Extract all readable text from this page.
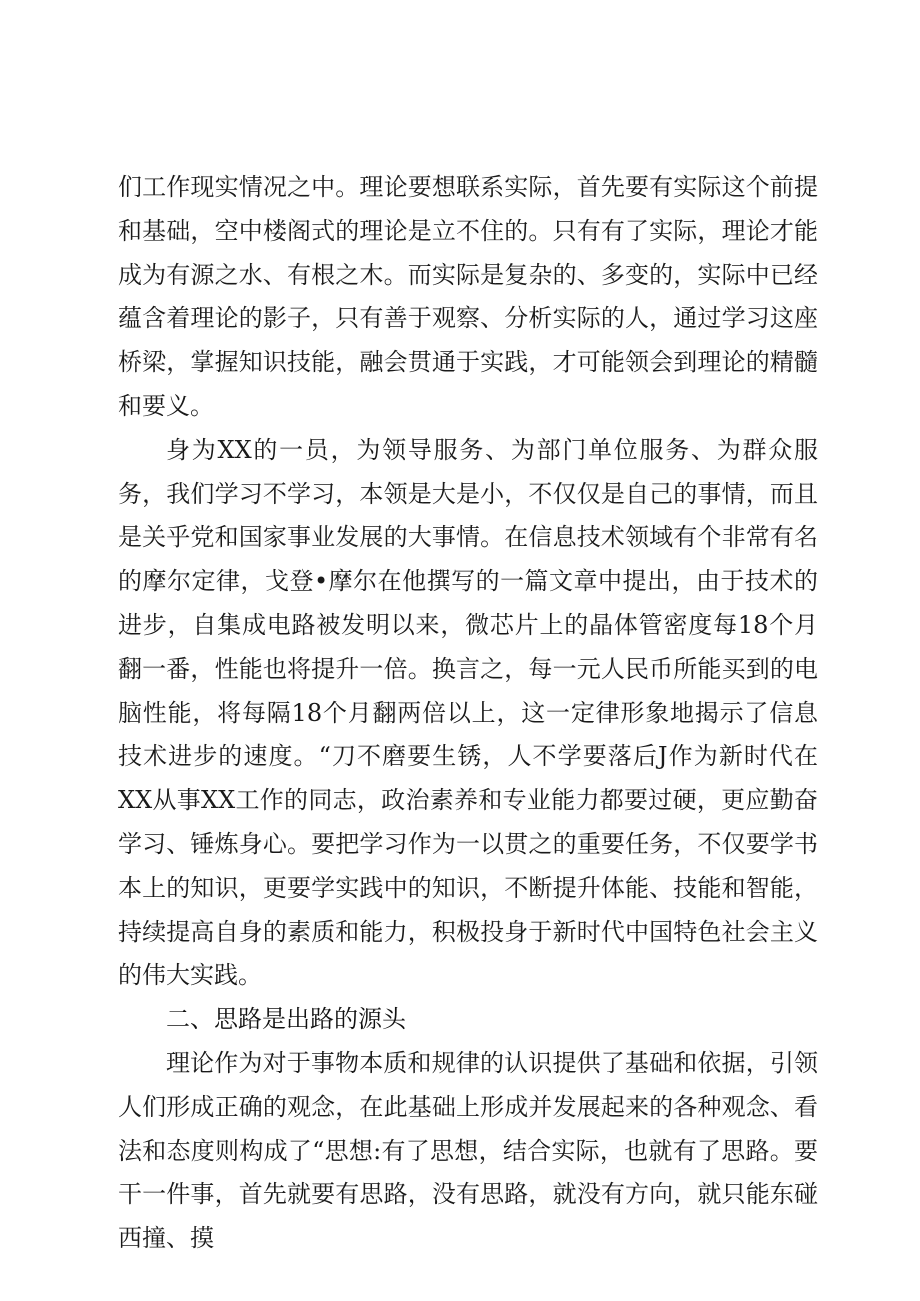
们工作现实情况之中。理论要想联系实际，首先要有实际这个前提和基础，空中楼阁式的理论是立不住的。只有有了实际，理论才能成为有源之水、有根之木。而实际是复杂的、多变的，实际中已经蕴含着理论的影子，只有善于观察、分析实际的人，通过学习这座桥梁，掌握知识技能，融会贯通于实践，才可能领会到理论的精髓和要义。

身为XX的一员，为领导服务、为部门单位服务、为群众服务，我们学习不学习，本领是大是小，不仅仅是自己的事情，而且是关乎党和国家事业发展的大事情。在信息技术领域有个非常有名的摩尔定律，戈登•摩尔在他撰写的一篇文章中提出，由于技术的进步，自集成电路被发明以来，微芯片上的晶体管密度每18个月翻一番，性能也将提升一倍。换言之，每一元人民币所能买到的电脑性能，将每隔18个月翻两倍以上，这一定律形象地揭示了信息技术进步的速度。“刀不磨要生锈，人不学要落后J作为新时代在XX从事XX工作的同志，政治素养和专业能力都要过硬，更应勤奋学习、锤炼身心。要把学习作为一以贯之的重要任务，不仅要学书本上的知识，更要学实践中的知识，不断提升体能、技能和智能，持续提高自身的素质和能力，积极投身于新时代中国特色社会主义的伟大实践。

二、思路是出路的源头

理论作为对于事物本质和规律的认识提供了基础和依据，引领人们形成正确的观念，在此基础上形成并发展起来的各种观念、看法和态度则构成了“思想:有了思想，结合实际，也就有了思路。要干一件事，首先就要有思路，没有思路，就没有方向，就只能东碰西撞、摸
